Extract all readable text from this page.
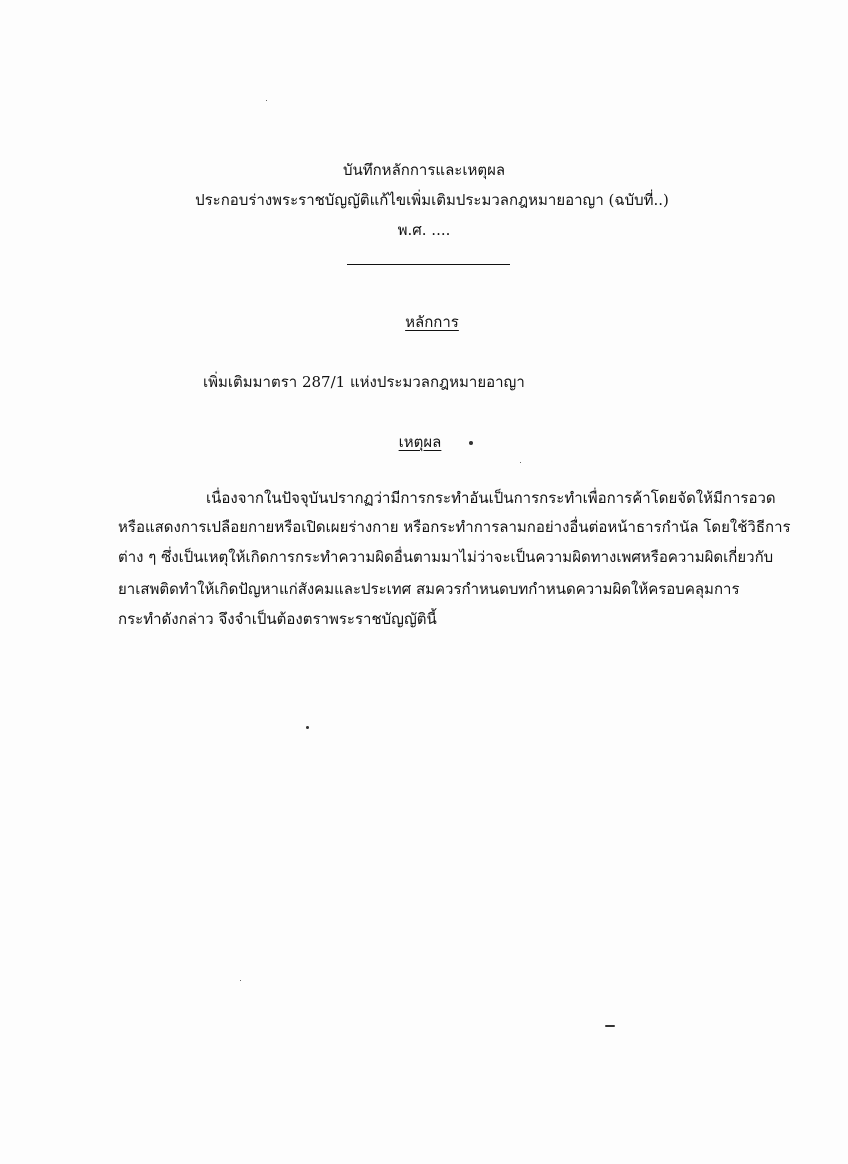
บันทึกหลักการและเหตุผล
ประกอบร่างพระราชบัญญัติแก้ไขเพิ่มเติมประมวลกฎหมายอาญา (ฉบับที่..)
พ.ศ. ....
หลักการ
เพิ่มเติมมาตรา 287/1 แห่งประมวลกฎหมายอาญา
เหตุผล
เนื่องจากในปัจจุบันปรากฏว่ามีการกระทำอันเป็นการกระทำเพื่อการค้าโดยจัดให้มีการอวด
หรือแสดงการเปลือยกายหรือเปิดเผยร่างกาย หรือกระทำการลามกอย่างอื่นต่อหน้าธารกำนัล โดยใช้วิธีการ
ต่าง ๆ ซึ่งเป็นเหตุให้เกิดการกระทำความผิดอื่นตามมาไม่ว่าจะเป็นความผิดทางเพศหรือความผิดเกี่ยวกับ
ยาเสพติดทำให้เกิดปัญหาแก่สังคมและประเทศ สมควรกำหนดบทกำหนดความผิดให้ครอบคลุมการ
กระทำดังกล่าว จึงจำเป็นต้องตราพระราชบัญญัตินี้
